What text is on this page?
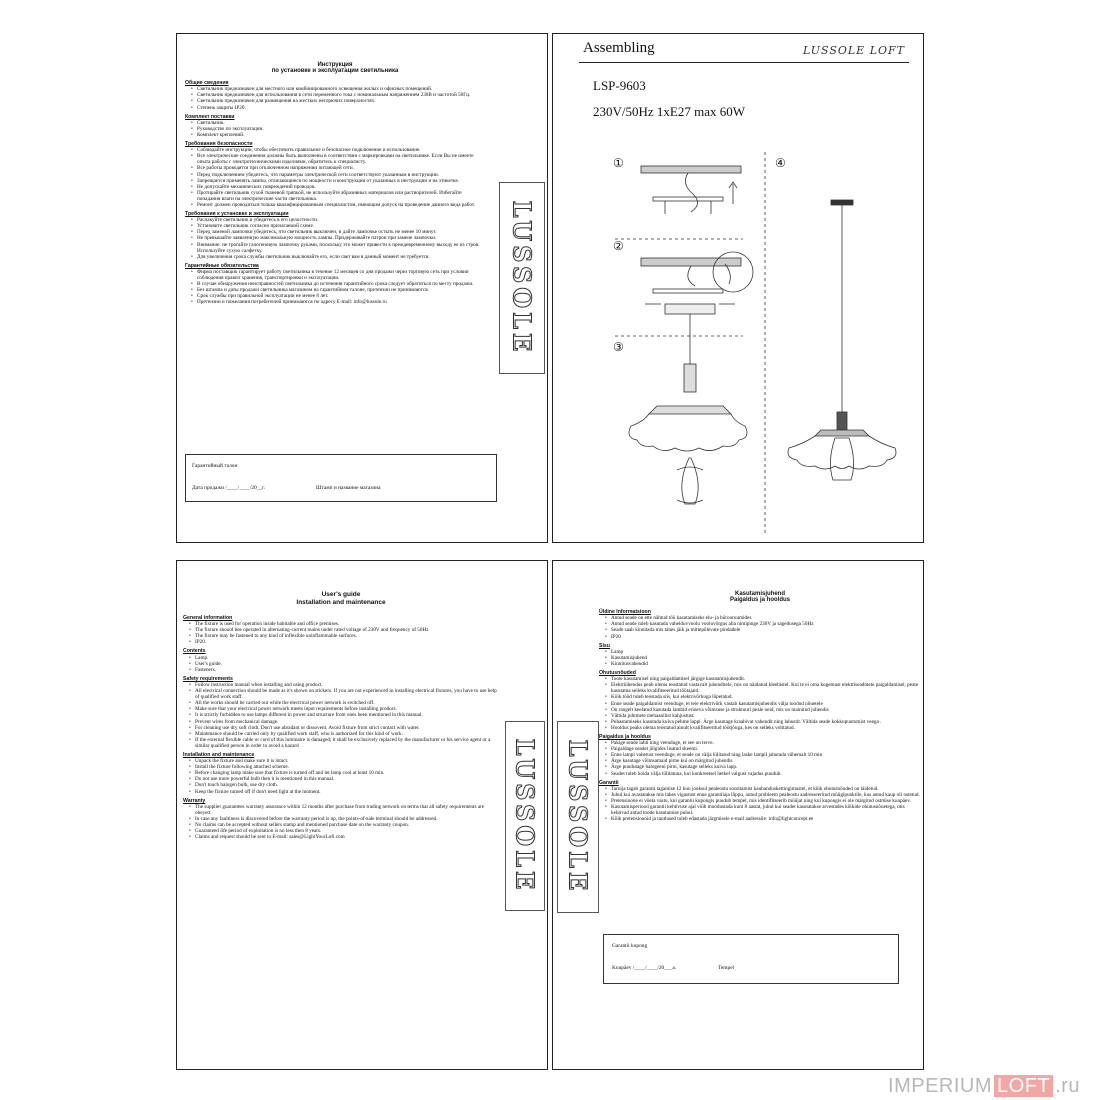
Инструкция
по установке и эксплуатации светильника
Общие сведения
• Светильник предназначен для местного или комбинированного освещения жилых и офисных помещений.
• Светильник предназначен для использования в сети переменного тока с номинальным напряжением 230В и частотой 50Гц.
• Светильник предназначен для размещения на жестких негорючих поверхностях.
• Степень защиты IP20.
Комплект поставки
• Светильник.
• Руководство по эксплуатации.
• Комплект креплений.
Требования безопасности
• Соблюдайте инструкции, чтобы обеспечить правильное и безопасное подключение и использование.
• Все электрические соединения должны быть выполнены в соответствии с маркировками на светильнике. Если Вы не имеете опыта работы с электротехническими изделиями, обратитесь к специалисту.
• Все работы проводятся при отключенном напряжении питающей сети.
• Перед подключением убедитесь, что параметры электрической сети соответствуют указанным в инструкции.
• Запрещается применять лампы, отличающиеся по мощности и конструкции от указанных в инструкции и на этикетке.
• Не допускайте механических повреждений проводов.
• Протирайте светильник сухой тканевой тряпкой, не используйте абразивных материалов или растворителей. Избегайте попадания влаги на электрические части светильника.
• Ремонт должен проводиться только квалифицированным специалистом, имеющим допуск на проведение данного вида работ.
Требования к установке и эксплуатации
• Распакуйте светильник и убедитесь в его целостности.
• Установите светильник согласно прилагаемой схеме.
• Перед заменой лампочки убедитесь, что светильник выключен, и дайте лампочке остыть не менее 10 минут.
• Не превышайте заявленную максимальную мощность лампы. Придерживайте патрон при замене лампочки.
• Внимание: не трогайте галогеновую лампочку руками, поскольку это может привести к преждевременному выходу ее из строя. Используйте сухую салфетку.
• Для увеличения срока службы светильник выключайте его, если свет вам в данный момент не требуется.
Гарантийные обязательства
• Фирма поставщик гарантирует работу светильника в течение 12 месяцев со дня продажи через торговую сеть при условии соблюдения правил хранения, транспортировки и эксплуатации.
• В случае обнаружения неисправностей светильника до истечения гарантийного срока следует обратиться по месту продажи.
• Без штампа и даты продажи светильника магазином на гарантийном талоне, претензии не принимаются.
• Срок службы при правильной эксплуатации не менее 8 лет.
• Претензии и пожелания потребителей принимаются по адресу E-mail: info@lussole.ru	LUSSOLE
Гарантийный талон
Дата продажи /____/____/20__г.	Штамп и название магазина
Assembling	LUSSOLE LOFT
LSP-9603
230V/50Hz 1xE27 max 60W
①
②
③
④
User's guide
Installation and maintenance
General information
• The fixture is used for operation inside habitable and office premises.
• The fixture should bee operated in alternating-current mains under rated voltage of 230V and frequency of 50Hz
• The fixture may be fastened to any kind of inflexible uninflammable surfaces.
• IP20.
Contents
• Lamp.
• User's guide.
• Fasteners.
Safety requirements
• Follow instruction manual when installing and using product.
• All electrical connection should be made as it's shown on stickers. If you are not experienced in installing electrical fixtures, you have to use help of qualified work staff.
• All the works should be carried out while the electrical power network is switched off.
• Make sure that your electrical power network meets input requirements before installing product.
• It is strictly forbidden to use lamps different in power and structure from ones been mentioned in this manual.
• Prevent wires from mechanical damage.
• For cleaning use dry soft cloth. Don't use abradant or dissovent. Avoid fixture from strict contact with water.
• Maintenance should be carried only by qualified work staff, who is authorized for this kind of work.
• If the external flexible cable or cord of this luminaire is damaged; it shall be exclusively replaced by the manufacturer or his service agent or a similar qualified person in order to avoid a hazard
Installation and maintenance
• Unpack the fixture and make sure it is intact.
• Install the fixture following attached scheme.
• Before changing lamp make sure that fixture is turned off and let lamp cool at least 10 min.
• Do not use more powerful bulb then it is mentioned in this manual.
• Don't touch halogen bulb, use dry cloth.
• Keep the fixture turned off if don't need light at the moment.
Warranty
• The supplier guarantees warranty assurance within 12 months after purchase from trading network on terms that all safety requirements are obeyed.
• In case any faultiness is discovered before the warranty period is up, the points-of-sale terminal should be addressed.
• No claims can be accepted without sellers stamp and mentioned purchase date on the warranty coupon.
• Guaranteed life period of exploitation is no less then 8 years.
• Claims and request should be sent to E-mail: sales@LightYourLofi.com	LUSSOLE LUSSOLE
Kasutamisjuhend
Paigaldus ja hooldus
Üldine Informatsioon
• Antud seade on ette nähtud töö kasutamiseks elu- ja bürooruumides
• Antud seade tuleb kasutada vahelduvvoolu vooluvõrgus alla nimipinge 230V ja sagedusega 50Hz
• Seade saab kinnitada mis tahes jäik ja mittepõlevate pindadele
• IP20
Sisu
• Lamp
• Kasutamisjuhend
• Kinnitusvahendid
Ohutusnõuded
• Toote kasutamisel ning paigaldamisel järgige kasutamisjuhendit.
• Elektriühendus peab olema teostatud vastavalt juhenditele, mis on näidatud kleebistel. Kui te ei oma kogemust elektriseadmete paigaldamisel, peate kasutama selleks kvalifitseeritud töötajaid.
• Kõik tööd tuleb teostada siis, kui elektrivõrkuga lõpetatud.
• Enne seade paigaldamist veenduge, et teie elektrivõrk vastab kasutamisjuhendis välja toodud nõuetele
• On rangelt keelatud kasutada lambid erineva võimsuse ja struktuuri peale neid, mis on mainitud juhendis
• Vältida juhtmete mehaanilist kahjustust.
• Puhastamiseks kasutada kuiva pehme lappi. Ärge kasutage kraabivat vahendit ning lahustit. Vältida seade kokkupuutumist veega .
• Hooldus peaks olema teostatud ainult kvalifitseeritud töötjõuga, kes on selleks volitatud.
Paigaldus ja hooldus
• Pakige seade lahti ning veenduge, et see on terve.
• Paigaldage seadet jõlgides lisatud skeemi.
• Enne lampi vahetust veenduge, et seade on välja lülitatud ning laske lampil jahutada vähemalt 10 min
• Ärge kasutage võimsamaid pirne kui on märgitud juhendis
• Ärge puudutage halogeeni pirni, kasutage selleks kuiva lapp.
• Seadet tuleb hoida välja lülitatuna, kui konkreetsel hetkel valgust vajadus puudub.
Garantii
• Tarnija tagab garantii tagamise 12 kuu jooksul pealeostu sooritamist kaubanduskettingimustel, et kõik ohutusnõuded on täidetud.
• Juhul kui avastatakse mis tahes vigastust enne garantiiaja lõppu, antud probleem pealeostu aadresseeritud müügipunktile, kus antud kaup oli ostetud.
• Pretensioone ei võeta vastu, kui garantii kupongis puudub tempel, mis identifitseerib müüjat ning kui kupongis ei ole märgitud ostmise kuupäev.
• Kasutamisperiood garantii kehtivuse ajal võib moodustada kuni 8 aastat, juhul kui seadet kasutatakse arvestades kõikide ohutusnõuetega, mis kehtivad antud toode kasutamise puhul.
• Kõik pretensioonid ja taotlused tuleb edastada järgmisele e-mail aadressile: info@lightconcept.ee
Garantii kupong
Kuupäev /____/____/20___a.	Tempel
IMPERIUM LOFT .ru
